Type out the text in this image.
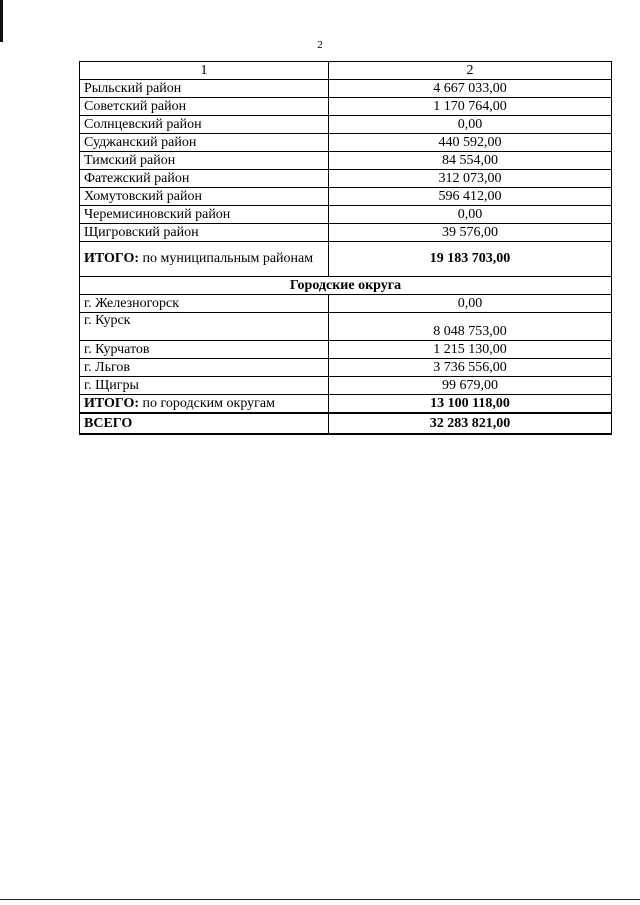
2
1	2
Рыльский район	4 667 033,00
Советский район	1 170 764,00
Солнцевский район	0,00
Суджанский район	440 592,00
Тимский район	84 554,00
Фатежский район	312 073,00
Хомутовский район	596 412,00
Черемисиновский район	0,00
Щигровский район	39 576,00
ИТОГО: по муниципальным районам	19 183 703,00
Городские округа	
г. Железногорск	0,00
г. Курск	8 048 753,00
г. Курчатов	1 215 130,00
г. Льгов	3 736 556,00
г. Щигры	99 679,00
ИТОГО: по городским округам	13 100 118,00
ВСЕГО	32 283 821,00
